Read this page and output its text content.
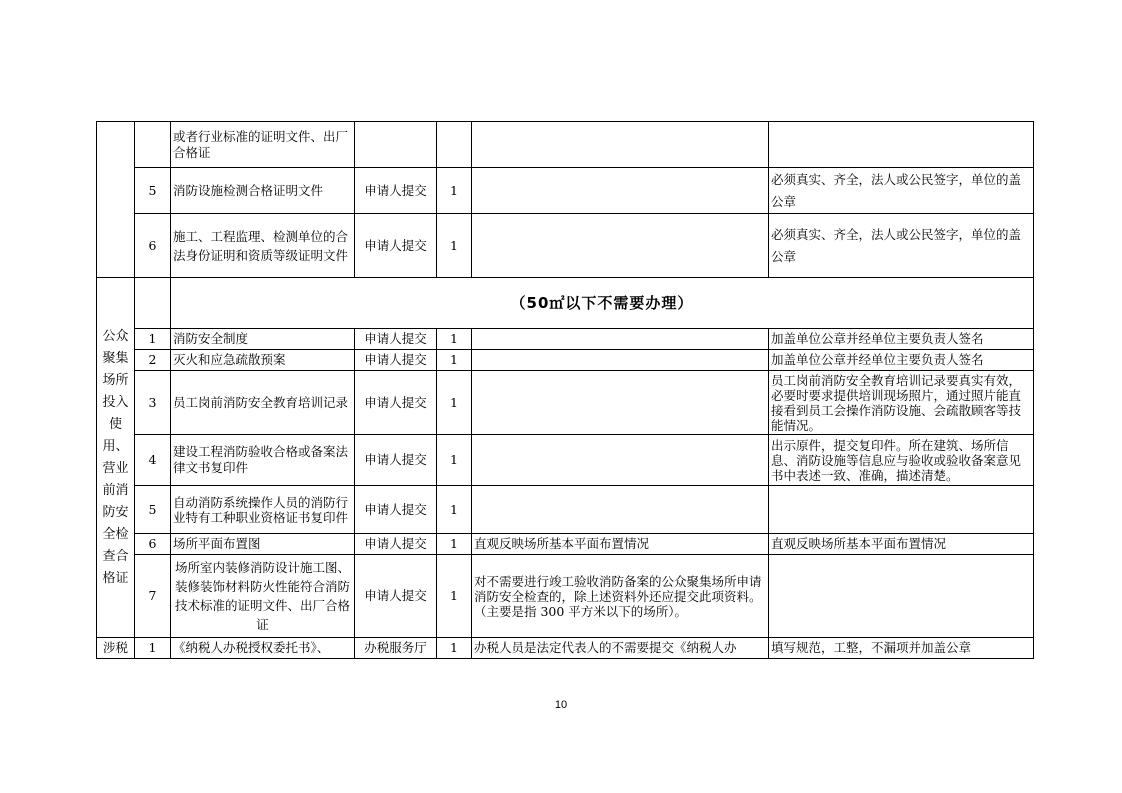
		或者行业标准的证明文件、出厂合格证				
	5	消防设施检测合格证明文件	申请人提交	1		必须真实、齐全，法人或公民签字，单位的盖公章
	6	施工、工程监理、检测单位的合法身份证明和资质等级证明文件	申请人提交	1		必须真实、齐全，法人或公民签字，单位的盖公章
公众聚集场所投入使用、营业前消防安全检查合格证		（50㎡以下不需要办理）				
	1	消防安全制度	申请人提交	1		加盖单位公章并经单位主要负责人签名
	2	灭火和应急疏散预案	申请人提交	1		加盖单位公章并经单位主要负责人签名
	3	员工岗前消防安全教育培训记录	申请人提交	1		员工岗前消防安全教育培训记录要真实有效，必要时要求提供培训现场照片，通过照片能直接看到员工会操作消防设施、会疏散顾客等技能情况。
	4	建设工程消防验收合格或备案法律文书复印件	申请人提交	1		出示原件，提交复印件。所在建筑、场所信息、消防设施等信息应与验收或验收备案意见书中表述一致、准确，描述清楚。
	5	自动消防系统操作人员的消防行业特有工种职业资格证书复印件	申请人提交	1		
	6	场所平面布置图	申请人提交	1	直观反映场所基本平面布置情况	直观反映场所基本平面布置情况
	7	场所室内装修消防设计施工图、装修装饰材料防火性能符合消防技术标准的证明文件、出厂合格证	申请人提交	1	对不需要进行竣工验收消防备案的公众聚集场所申请消防安全检查的，除上述资料外还应提交此项资料。（主要是指 300 平方米以下的场所）。	
涉税	1	《纳税人办税授权委托书》、	办税服务厅	1	办税人员是法定代表人的不需要提交《纳税人办	填写规范，工整，不漏项并加盖公章
10
